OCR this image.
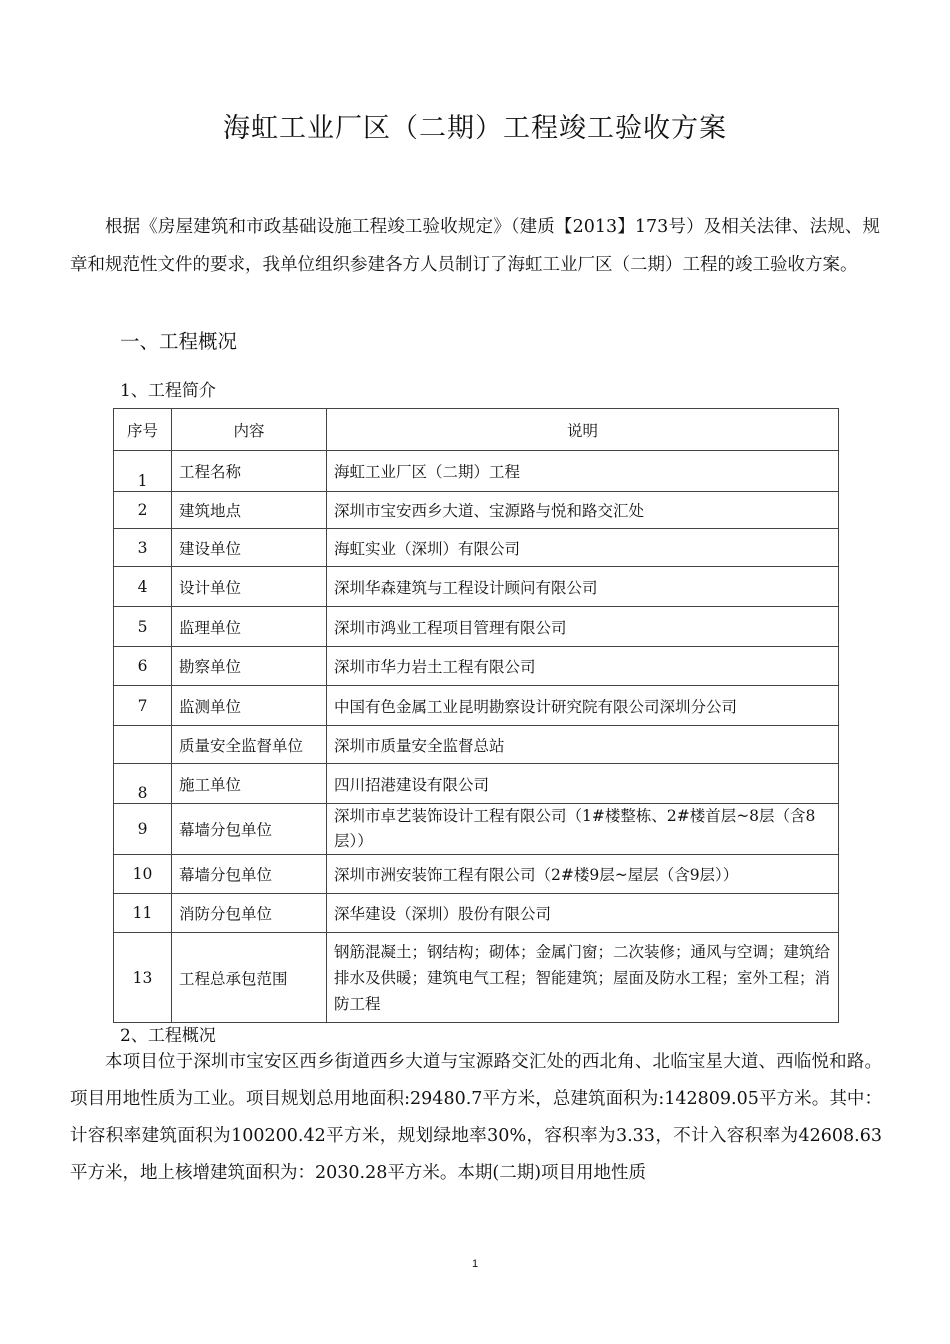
海虹工业厂区（二期）工程竣工验收方案

根据《房屋建筑和市政基础设施工程竣工验收规定》（建质【2013】173号）及相关法律、法规、规章和规范性文件的要求，我单位组织参建各方人员制订了海虹工业厂区（二期）工程的竣工验收方案。

一、工程概况
1、工程简介
序号	内容	说明
1	工程名称	海虹工业厂区（二期）工程
2	建筑地点	深圳市宝安西乡大道、宝源路与悦和路交汇处
3	建设单位	海虹实业（深圳）有限公司
4	设计单位	深圳华森建筑与工程设计顾问有限公司
5	监理单位	深圳市鸿业工程项目管理有限公司
6	勘察单位	深圳市华力岩土工程有限公司
7	监测单位	中国有色金属工业昆明勘察设计研究院有限公司深圳分公司
	质量安全监督单位	深圳市质量安全监督总站
8	施工单位	四川招港建设有限公司
9	幕墙分包单位	深圳市卓艺装饰设计工程有限公司（1#楼整栋、2#楼首层~8层（含8层））
10	幕墙分包单位	深圳市洲安装饰工程有限公司（2#楼9层~屋层（含9层））
11	消防分包单位	深华建设（深圳）股份有限公司
13	工程总承包范围	钢筋混凝土；钢结构；砌体；金属门窗；二次装修；通风与空调；建筑给排水及供暖；建筑电气工程；智能建筑；屋面及防水工程；室外工程；消防工程
2、工程概况

本项目位于深圳市宝安区西乡街道西乡大道与宝源路交汇处的西北角、北临宝星大道、西临悦和路。项目用地性质为工业。项目规划总用地面积:29480.7平方米，总建筑面积为:142809.05平方米。其中：计容积率建筑面积为100200.42平方米，规划绿地率30%，容积率为3.33，不计入容积率为42608.63平方米，地上核增建筑面积为：2030.28平方米。本期(二期)项目用地性质

1
